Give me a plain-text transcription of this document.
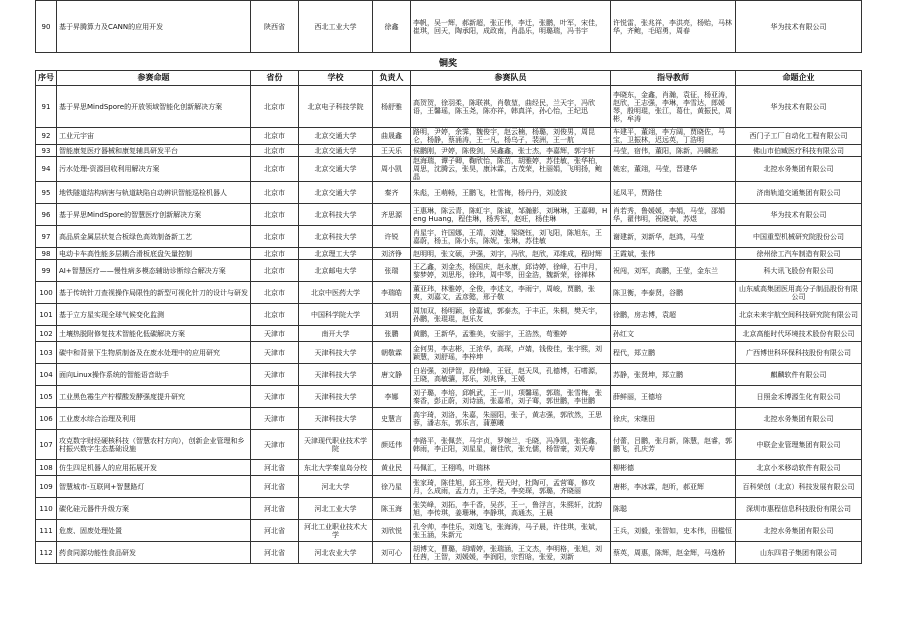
90	基于昇腾算力及CANN的应用开发	陕西省	西北工业大学	徐鑫	李帆，吴一辉，郝新超，张正伟，李迁，张鹏，叶军，宋佳，崔琪，回天，陶承阳，成政南，肖晶乐，明璐瑞，冯书宇	许悦雷，张兆祥，李洪亮，杨贻，马林华，齐鲍，毛昭勇，周春	华为技术有限公司
铜奖
序号	参赛命题	省份	学校	负责人	参赛队员	指导教师	命题企业
91	基于昇思MindSpore的开放领域智能化创新解决方案	北京市	北京电子科技学院	杨舒雅	高贺贺，徐羽柔，陈联祺，肖敬堃，曲经民，兰天宇，冯欣语，王馨瑶，陈玉尧，陈亦祥，韩真洋，孙心怡，王纪迅	李晓东，金鑫，肖瀚，袁征，杨亚涛，赵欣，王志强，李琳，李雪达，郎媛琴，殷明琨，张江，葛仕，黄振民，周彬，牟涛	华为技术有限公司
92	工业元宇宙	北京市	北京交通大学	曲晟鑫	路明，尹婷，余霁，魏俊宇，赵云楠，杨璐，刘俊男，周昆仑，杨静，蔡涌涛，王一凡，杨乌孑，裴洲，王一航	车建平，董翊，李方阔，贾晓佐，马宝，卫振林，迟远英，丁浩明	西门子工厂自动化工程有限公司
93	智能康复医疗器械和康复辅具研发平台	北京市	北京交通大学	王天乐	侯鹏刚，尹婷，陈俊剑，吴鑫鑫，张士杰，李嘉辉，郭宇轩	马莹，宿伟，董阳，陈新，冯麟淞	佛山市伯臧医疗科技有限公司
94	污水处理-资源回收利用解决方案	北京市	北京交通大学	周小凯	赵海瑞，谭子卿，鞠欣怡，陈茁，胡雅婷，苏佳敏，张华柏，周思，沈腾云，张昊，康沐霖，古茂荣，杜丽娟，飞明扬，鲍晶	姚宏，董翊，马莹，晋建华	北控水务集团有限公司
95	地铁隧道结构病害与轨道缺陷自动辨识智能巡检机器人	北京市	北京交通大学	秦齐	朱彪，王萌畅，王鹏飞，杜雪梅，杨丹丹，刘凌波	延凤平，贾路佳	济南轨道交通集团有限公司
96	基于昇思MindSpore的智慧医疗创新解决方案	北京市	北京科技大学	齐思源	王惠琳，陈云青，陈虹宇，陈诚，邹瀚影，刘琳琳，王嘉卿，Heng Huang，程佳琳，杨秀军，赵旺，杨佳琳	肖若秀，鲁媛媛，李娟，马莹，邵娟华，翟伟明，祝晓斌，苏煜	华为技术有限公司
97	高品质金属层状复合板绿色高效制备新工艺	北京市	北京科技大学	许锐	肖星宇，许国娜，王靖，刘婕，梁晓钰，刘飞阳，陈旭东，王嘉蔚，杨玉，陈小东，陈妮，张琳，苏佳敏	谢建新，刘新华，赵鸿，马莹	中国重型机械研究院股份公司
98	电动卡车高性能多层耦合滑板底盘矢量控制	北京市	北京理工大学	刘济铮	赵明明，张文硕，尹强，刘宇，冯欣，赵欣，邓维成，程时辉	王霞斌，张伟	徐州徐工汽车制造有限公司
99	AI+智慧医疗——慢性病多模态辅助诊断综合解决方案	北京市	北京邮电大学	张瑞	王乙鑫，刘金杰，杨国庆，赵永康，邱诗婷，徐峰，石中月，黎梦婷，刘思彤，徐玮，周中琴，田金浩，魏新荣，徐禅林	祝闯，刘军，高鹏，王莹，金东兰	科大讯飞股份有限公司
100	基于传统针刀查视操作局限性的新型可视化针刀的设计与研发	北京市	北京中医药大学	李瑞皓	董亚玮，林雅婷，全俊，李述文，李雨宁，周峻，贾鹏，张爽，刘嘉文，孟彦懿，邢子敬	陈卫衡，李泰贤，谷鹏	山东威高集团医用高分子制品股份有限公司
101	基于立方星实现全球气候变化监测	北京市	中国科学院大学	刘玥	周加双，杨明颖，徐嘉诚，郭泰杰，于丰正，朱桐，樊天宇，孙鹏，张琨琨，赵乐友	徐鹏，房志博，袁超	北京未来宇航空间科技研究院有限公司
102	土壤热脱附修复技术智能化低碳解决方案	天津市	南开大学	张鹏	黄鹏，王新华，孟雅美，安丽宇，王浩然，苟雅婷	孙红文	北京高能时代环境技术股份有限公司
103	碳中和背景下生物质制备及在废水处理中的应用研究	天津市	天津科技大学	朝敬霖	金何男，李志彬，王浓华，高琛，卢婧，钱俊佳，张宇熙，刘颖慧，刘舒瑶，李梓坤	程代，郑立鹏	广西博世科环保科技股份有限公司
104	面向Linux操作系统的智能语音助手	天津市	天津科技大学	唐文静	白岩强，刘伊智，段伟峰，王冠，赵天凤，孔德博，石嗜源，王晓，高敏骧，郑乐，刘兆锋，王媛	苏静，张贤坤，郑立鹏	麒麟软件有限公司
105	工业黑色霉生产柠檬酸发酵强度提升研究	天津市	天津科技大学	李娜	刘子璐，李培，邱帆武，王一川，项馨瑶，郭瑞，张雪梅，张秦香，彭正蔚，刘诗涵，张嘉希，刘子骞，郭世鹏，李世鹏	薛鲜丽，王德培	日照金禾博源生化有限公司
106	工业废水综合治理及利用	天津市	天津科技大学	史慧言	高宇琦，刘洛，朱嘉，朱丽阳，张子，黄志强，郭欣然，王思蓉，潘志东，郭乐言，蒲蕙曦	徐庆，宋继田	北控水务集团有限公司
107	攻克数字财经硬核科技（智慧农村方向），创新企业管理和乡村振兴数字生态基础设施	天津市	天津现代职业技术学院	颜廷伟	李路平，张佩芸，马宇贞，罗婉兰，毛晓，冯净凯，张铭鑫，韩雨，李正阳，刘星星，谢佳欣，张允儒，杨智豪，刘天寿	付蕾，吕鹏，张月新，陈慧，赵睿，郭鹏飞，孔庆芳	中联企业管理集团有限公司
108	仿生四足机器人的应用拓展开发	河北省	东北大学秦皇岛分校	黄业民	马佩汇，王栩鸣，叶瑞林	柳彬德	北京小米移动软件有限公司
109	智慧城市-互联网+智慧路灯	河北省	河北大学	徐乃星	张家琦，陈佳旭，邱玉珍，程天时，杜陶可，孟营骞，修攻月，么成雨，孟力力，王学尧，李奕琛，郭璐，齐晓丽	唐彬，李冰霖，赵昕，郝亚辉	百科荣创（北京）科技发展有限公司
110	碳化硅元器件升级方案	河北省	河北工业大学	陈玉海	张笑峰，刘拓，李千香，吴莎，王一，鲁浮言，朱熙轩，沈韵旭，李传琪，姜珊琳，李静琪，高通杰，王晨	陈聪	深圳市惠程信息科技股份有限公司
111	危废、固废处理处置	河北省	河北工业职业技术大学	刘欣悦	孔令帅，李佳乐，刘逸飞，张海涛，马子晨，许佳琪，张斌，张玉涵，朱新元	王兵，刘毅，张智如，史本伟，田槛恒	北控水务集团有限公司
112	药食同源功能性食品研发	河北省	河北农业大学	刘可心	胡博文，曹璐，胡晴婷，张瑞涵，王文杰，李明格，张旭，刘任茜，王智，刘媛媛，李润阳，宗哲晗，张爱，刘新	蔡英，周惠，陈辉，赵金辉，马逸桥	山东四君子集团有限公司
